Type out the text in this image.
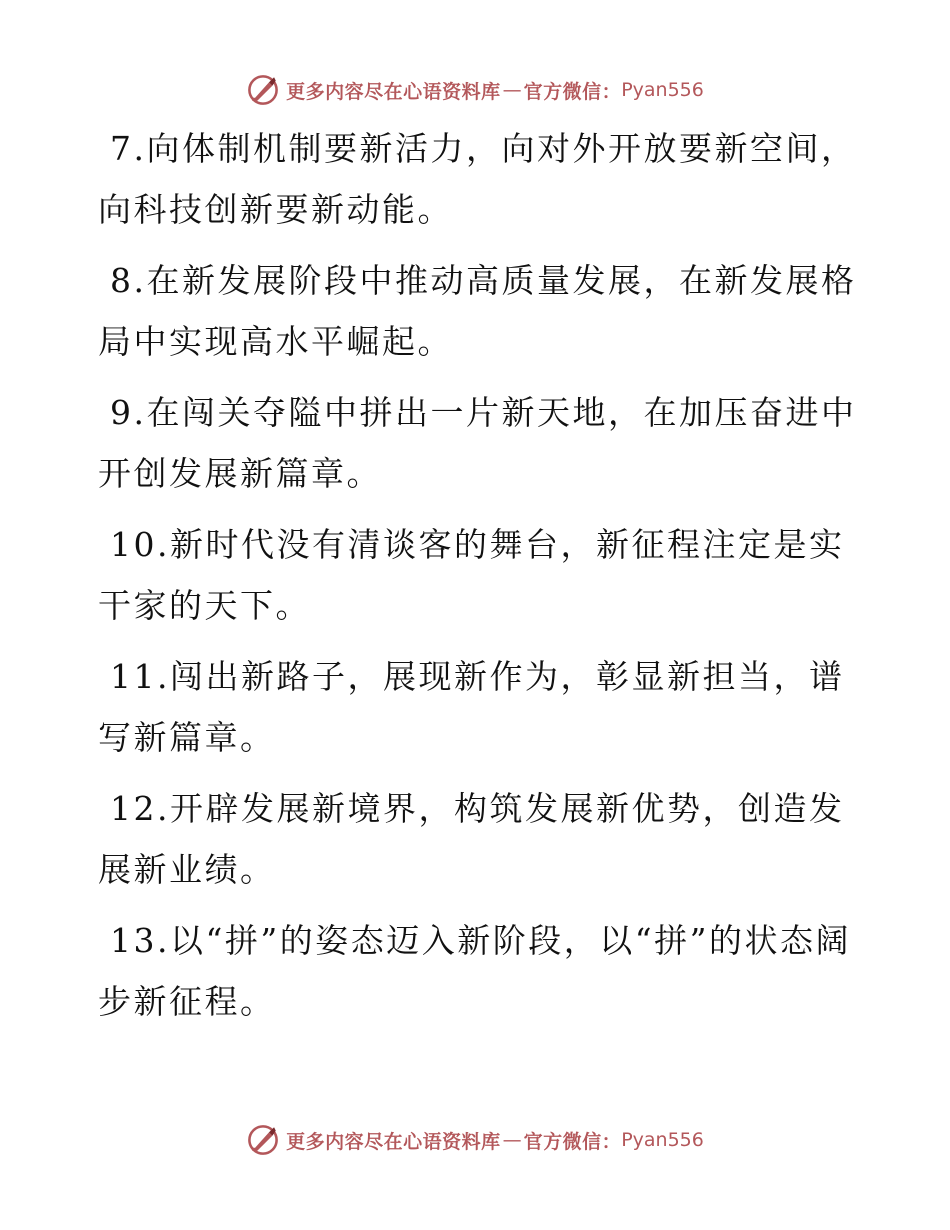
更多内容尽在心语资料库 — 官方微信： Pyan556

7.向体制机制要新活力，向对外开放要新空间，向科技创新要新动能。

8.在新发展阶段中推动高质量发展，在新发展格局中实现高水平崛起。

9.在闯关夺隘中拼出一片新天地，在加压奋进中开创发展新篇章。

10.新时代没有清谈客的舞台，新征程注定是实干家的天下。

11.闯出新路子，展现新作为，彰显新担当，谱写新篇章。

12.开辟发展新境界，构筑发展新优势，创造发展新业绩。

13.以“拼”的姿态迈入新阶段，以“拼”的状态阔步新征程。

更多内容尽在心语资料库 — 官方微信： Pyan556
